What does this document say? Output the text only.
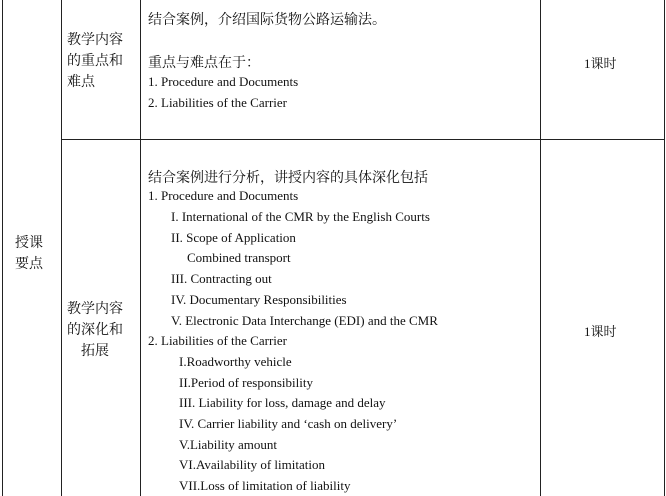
授课
要点
教学内容
的重点和
难点
结合案例，介绍国际货物公路运输法。
重点与难点在于：
1. Procedure and Documents
2. Liabilities of the Carrier
1课时
教学内容
的深化和
拓展
结合案例进行分析，讲授内容的具体深化包括
1. Procedure and Documents
I. International of the CMR by the English Courts
II. Scope of Application
Combined transport
III. Contracting out
IV. Documentary Responsibilities
V. Electronic Data Interchange (EDI) and the CMR
2. Liabilities of the Carrier
I.Roadworthy vehicle
II.Period of responsibility
III. Liability for loss, damage and delay
IV. Carrier liability and ‘cash on delivery’
V.Liability amount
VI.Availability of limitation
VII.Loss of limitation of liability
1课时
